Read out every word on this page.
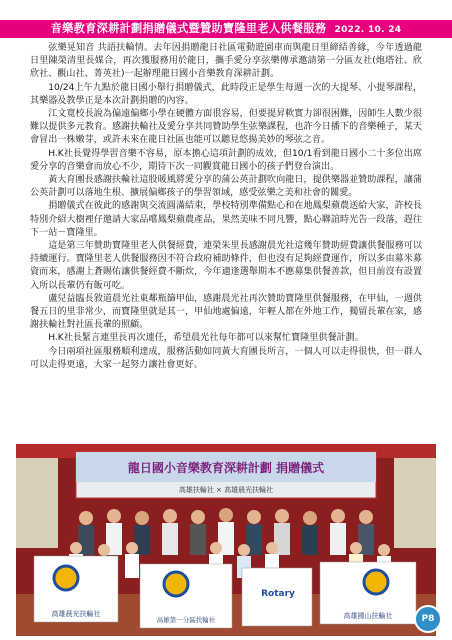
音樂教育深耕計劃捐贈儀式暨贊助寶隆里老人供餐服務 2022. 10. 24

弦樂晃知音 共語扶輪情。去年因捐贈龍日社區電動遊園車而與龍日里締結善緣，今年透過龍日里陳榮清里長媒合，再次獲服務用於龍日，攜手愛分享弦樂傳承邀請第一分區友社(炮塔社、欣欣社、觀山社、菁英社)一起辦理龍日國小音樂教育深耕計劃。

10/24上午九點於龍日國小舉行捐贈儀式，此時段正是學生每週一次的大提琴、小提琴課程，其樂器及教學正是本次計劃捐贈的內容。

江文寬校長說為偏遠偏鄉小學在硬體方面很容易，但要提昇軟實力卻很困難，因師生人數少很難以提供多元教育。感謝扶輪社及愛分享共同贊助學生弦樂課程，也許今日播下的音樂種子，某天會冒出一株嫩芽，或許未來在龍日社區也能可以聽見悠揚美妙的琴弦之音。

H.K社長覺得學習音樂不容易，原本擔心這項計劃的成效，但10/1看到龍日國小二十多位出席愛分享的音樂會而放心不少，期待下次一同觀賞龍日國小的孩子們登台演出。

黃大育團長感謝扶輪社這股暖風將愛分享的蒲公英計劃吹向龍日，提供樂器並贊助課程，讓蒲公英計劃可以落地生根、擴展偏鄉孩子的學習領域，感受弦樂之美和社會的關愛。

捐贈儀式在彼此的感謝與交流圓滿結束，學校特別準備點心和在地鳳梨蘋農送給大家，許校長特別介紹大樹裡仔邀請大家品嚐鳳梨蘋農產品，果然美味不同凡響，點心聯誼時光告一段落，趕往下一站－寶隆里。

這是第三年贊助寶隆里老人供餐經費，連榮朱里長感謝晨光社這幾年贊助經費讓供餐服務可以持續運行。寶隆里老人供餐服務因不符合政府補助條件，但也沒有足夠經費運作，所以多由募米募資而來，感謝上蒼賜佑讓供餐經費不斷炊，今年適逢選舉期本不應募集供餐善款，但目前沒有設置入所以長輩仍有飯可吃。

盧兒益臨長敘道晨光社東鄰瓶篩甲仙，感謝晨光社再次贊助寶隆里供餐服務，在甲仙，一週供餐五日的里非常少，而寶隆里就是其一，甲仙地處偏遠，年輕人都在外地工作，獨留長輩在家，感謝扶輪社對社區長輩的照顧。

H.K社長緊言連里長再次連任，希望晨光社每年都可以來幫忙寶隆里供餐計劃。

今日兩項社區服務順利達成，服務活動如同黃大育團長所言，一個人可以走得很快，但一群人可以走得更遠，大家一起努力讓社會更好。

龍日國小音樂教育深耕計劃 捐贈儀式
高雄扶輪社 × 高雄晨光扶輪社
高雄晨光扶輪社
高雄第一分區扶輪社
Rotary
高雄國山扶輪社	P8
